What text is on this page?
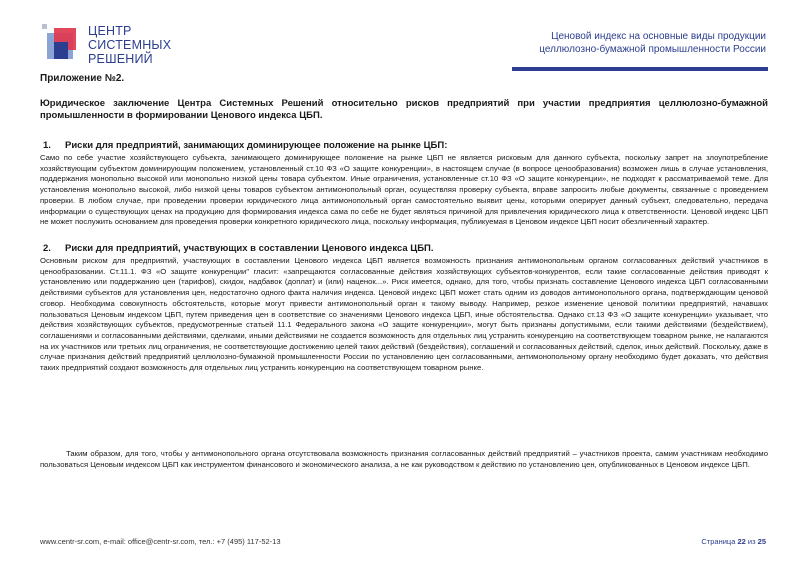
ЦЕНТР
СИСТЕМНЫХ
РЕШЕНИЙ
Ценовой индекс на основные виды продукции
целлюлозно-бумажной промышленности России
Приложение №2.
Юридическое заключение Центра Системных Решений относительно рисков предприятий при участии предприятия целлюлозно-бумажной промышленности в формировании Ценового индекса ЦБП.
1. Риски для предприятий, занимающих доминирующее положение на рынке ЦБП:
Само по себе участие хозяйствующего субъекта, занимающего доминирующее положение на рынке ЦБП не является рисковым для данного субъекта, поскольку запрет на злоупотребление хозяйствующим субъектом доминирующим положением, установленный ст.10 ФЗ «О защите конкуренции», в настоящем случае (в вопросе ценообразования) возможен лишь в случае установления, поддержания монопольно высокой или монопольно низкой цены товара субъектом. Иные ограничения, установленные ст.10 ФЗ «О защите конкуренции», не подходят к рассматриваемой теме. Для установления монопольно высокой, либо низкой цены товаров субъектом антимонопольный орган, осуществляя проверку субъекта, вправе запросить любые документы, связанные с проведением проверки. В любом случае, при проведении проверки юридического лица антимонопольный орган самостоятельно выявит цены, которыми оперирует данный субъект, следовательно, передача информации о существующих ценах на продукцию для формирования индекса сама по себе не будет являться причиной для привлечения юридического лица к ответственности. Ценовой индекс ЦБП не может послужить основанием для проведения проверки конкретного юридического лица, поскольку информация, публикуемая в Ценовом индексе ЦБП носит обезличенный характер.
2. Риски для предприятий, участвующих в составлении Ценового индекса ЦБП.
Основным риском для предприятий, участвующих в составлении Ценового индекса ЦБП является возможность признания антимонопольным органом согласованных действий участников в ценообразовании. Ст.11.1. ФЗ «О защите конкуренции" гласит: «запрещаются согласованные действия хозяйствующих субъектов-конкурентов, если такие согласованные действия приводят к установлению или поддержанию цен (тарифов), скидок, надбавок (доплат) и (или) наценок...». Риск имеется, однако, для того, чтобы признать составление Ценового индекса ЦБП согласованными действиями субъектов для установления цен, недостаточно одного факта наличия индекса. Ценовой индекс ЦБП может стать одним из доводов антимонопольного органа, подтверждающим ценовой сговор. Необходима совокупность обстоятельств, которые могут привести антимонопольный орган к такому выводу. Например, резкое изменение ценовой политики предприятий, начавших пользоваться Ценовым индексом ЦБП, путем приведения цен в соответствие со значениями Ценового индекса ЦБП, иные обстоятельства. Однако ст.13 ФЗ «О защите конкуренции» указывает, что действия хозяйствующих субъектов, предусмотренные статьей 11.1 Федерального закона «О защите конкуренции», могут быть признаны допустимыми, если такими действиями (бездействием), соглашениями и согласованными действиями, сделками, иными действиями не создается возможность для отдельных лиц устранить конкуренцию на соответствующем товарном рынке, не налагаются на их участников или третьих лиц ограничения, не соответствующие достижению целей таких действий (бездействия), соглашений и согласованных действий, сделок, иных действий. Поскольку, даже в случае признания действий предприятий целлюлозно-бумажной промышленности России по установлению цен согласованными, антимонопольному органу необходимо будет доказать, что действия таких предприятий создают возможность для отдельных лиц устранить конкуренцию на соответствующем товарном рынке.
Таким образом, для того, чтобы у антимонопольного органа отсутствовала возможность признания согласованных действий предприятий – участников проекта, самим участникам необходимо пользоваться Ценовым индексом ЦБП как инструментом финансового и экономического анализа, а не как руководством к действию по установлению цен, опубликованных в Ценовом индексе ЦБП.
www.centr-sr.com, e-mail: office@centr-sr.com, тел.: +7 (495) 117-52-13	Страница 22 из 25
